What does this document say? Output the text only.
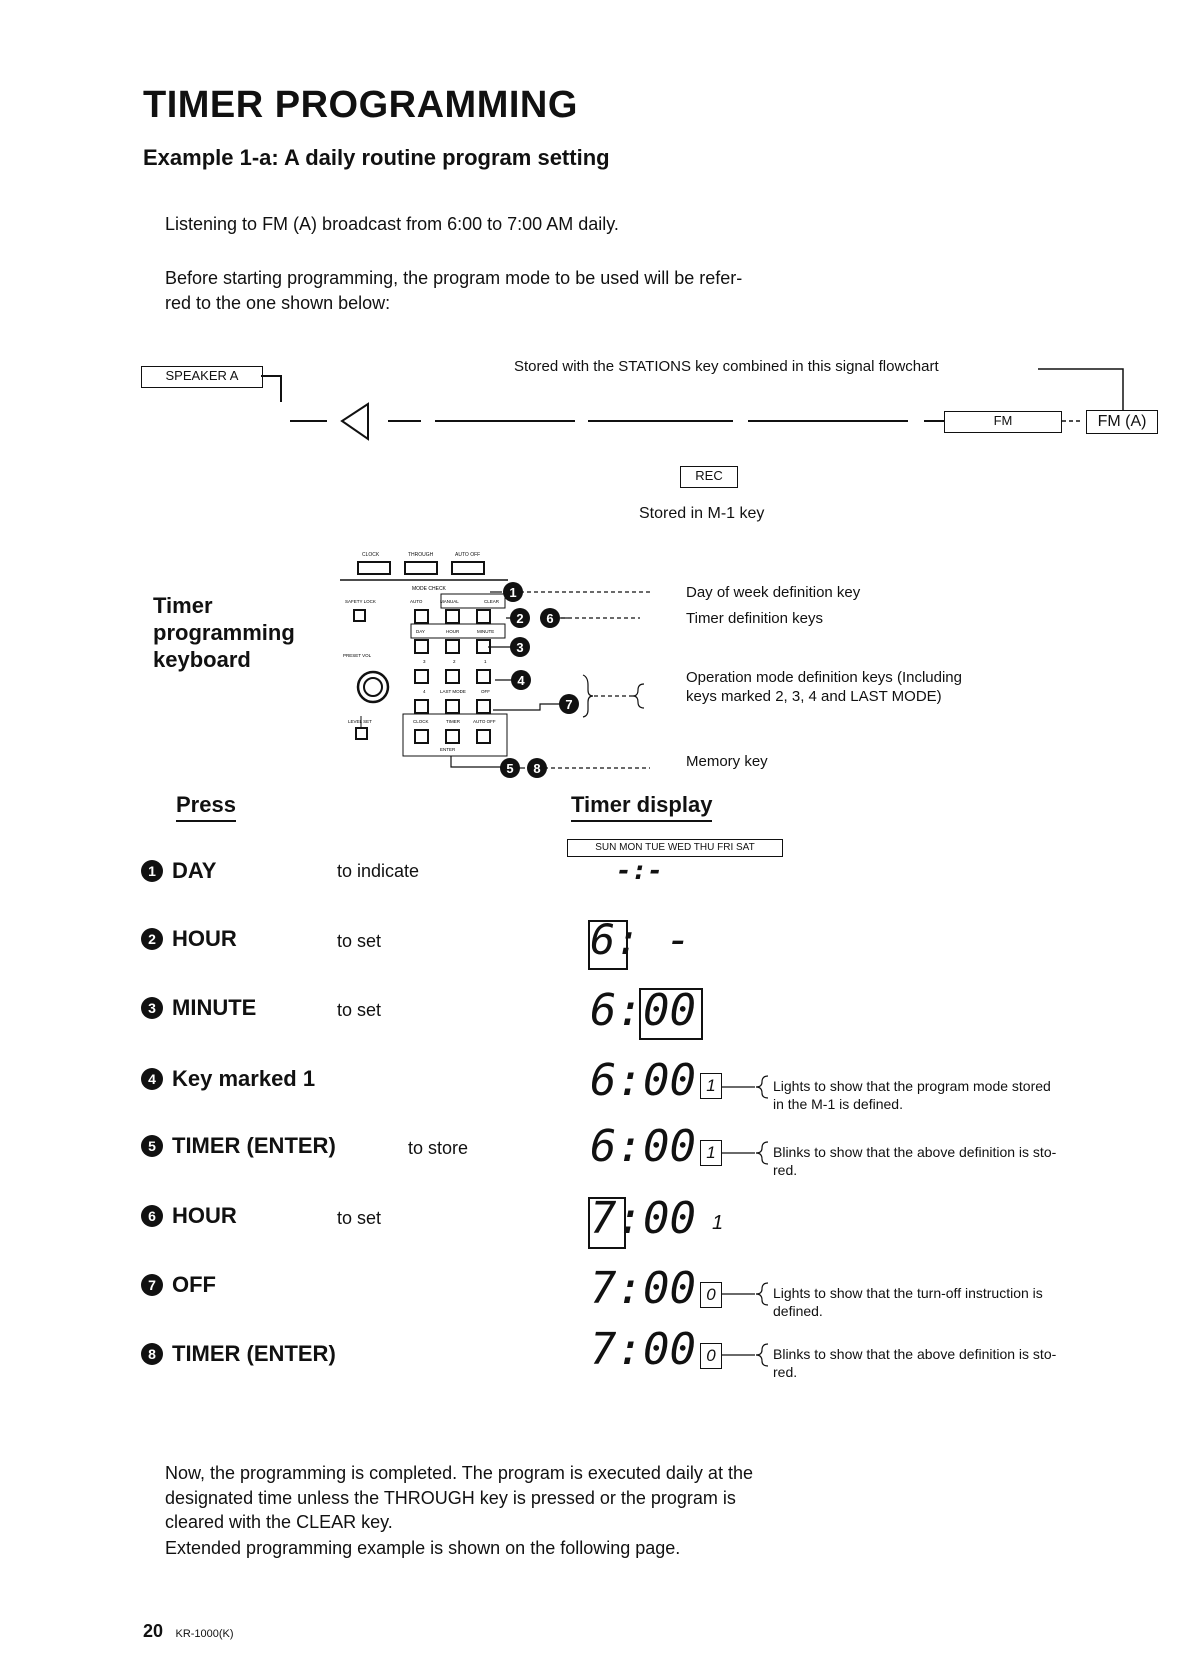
TIMER PROGRAMMING
Example 1-a: A daily routine program setting
Listening to FM (A) broadcast from 6:00 to 7:00 AM daily.
Before starting programming, the program mode to be used will be refer-
red to the one shown below:
SPEAKER A
Stored with the STATIONS key combined in this signal flowchart
FM	FM (A)
REC
Stored in M-1 key
Timer
programming
keyboard
CLOCK	THROUGH	AUTO OFF
MODE CHECK
SAFETY LOCK	AUTO	MANUAL	CLEAR
DAY	HOUR	MINUTE
PRESET VOL
3	2	1
4	LAST MODE	OFF
LEVEL SET	CLOCK	TIMER	AUTO OFF
ENTER
1
2 6
3
4
7
5 8
Day of week definition key
Timer definition keys
Operation mode definition keys (Including
keys marked 2, 3, 4 and LAST MODE)
Memory key
Press	Timer display
SUN MON TUE WED THU FRI SAT
1 DAY	to indicate	-:-
2 HOUR	to set	6: -
3 MINUTE	to set	6:00
4 Key marked 1	6:00 1	Lights to show that the program mode stored
in the M-1 is defined.
5 TIMER (ENTER)	to store	6:00 1	Blinks to show that the above definition is sto-
red.
6 HOUR	to set	7:00 1
7 OFF	7:00 0	Lights to show that the turn-off instruction is
defined.
8 TIMER (ENTER)	7:00 0	Blinks to show that the above definition is sto-
red.
Now, the programming is completed. The program is executed daily at the
designated time unless the THROUGH key is pressed or the program is
cleared with the CLEAR key.
Extended programming example is shown on the following page.
20 KR-1000(K)
